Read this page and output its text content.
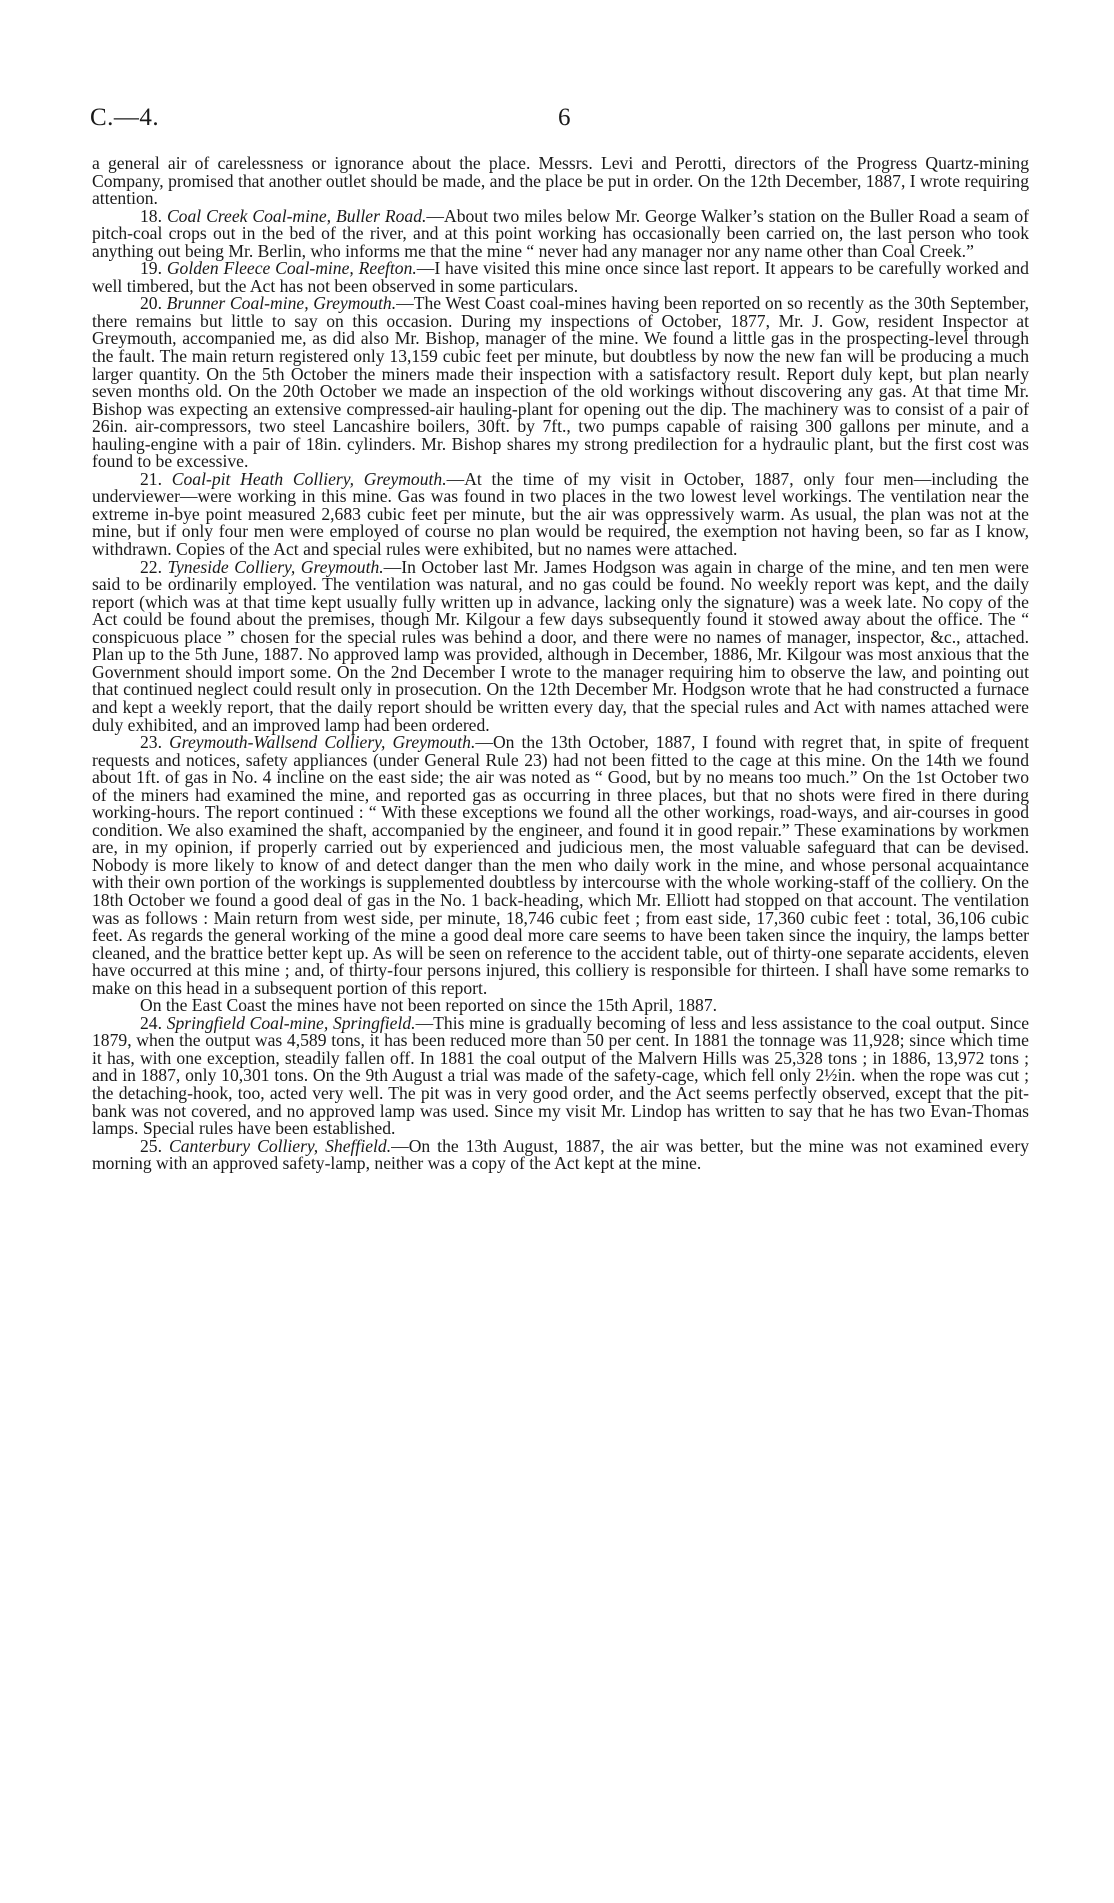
C.—4.	6

a general air of carelessness or ignorance about the place. Messrs. Levi and Perotti, directors of the Progress Quartz-mining Company, promised that another outlet should be made, and the place be put in order. On the 12th December, 1887, I wrote requiring attention.

18. Coal Creek Coal-mine, Buller Road.—About two miles below Mr. George Walker’s station on the Buller Road a seam of pitch-coal crops out in the bed of the river, and at this point working has occasionally been carried on, the last person who took anything out being Mr. Berlin, who informs me that the mine “ never had any manager nor any name other than Coal Creek.”

19. Golden Fleece Coal-mine, Reefton.—I have visited this mine once since last report. It appears to be carefully worked and well timbered, but the Act has not been observed in some particulars.

20. Brunner Coal-mine, Greymouth.—The West Coast coal-mines having been reported on so recently as the 30th September, there remains but little to say on this occasion. During my inspections of October, 1877, Mr. J. Gow, resident Inspector at Greymouth, accompanied me, as did also Mr. Bishop, manager of the mine. We found a little gas in the prospecting-level through the fault. The main return registered only 13,159 cubic feet per minute, but doubtless by now the new fan will be producing a much larger quantity. On the 5th October the miners made their inspection with a satisfactory result. Report duly kept, but plan nearly seven months old. On the 20th October we made an inspection of the old workings without discovering any gas. At that time Mr. Bishop was expecting an extensive compressed-air hauling-plant for opening out the dip. The machinery was to consist of a pair of 26in. air-compressors, two steel Lancashire boilers, 30ft. by 7ft., two pumps capable of raising 300 gallons per minute, and a hauling-engine with a pair of 18in. cylinders. Mr. Bishop shares my strong predilection for a hydraulic plant, but the first cost was found to be excessive.

21. Coal-pit Heath Colliery, Greymouth.—At the time of my visit in October, 1887, only four men—including the underviewer—were working in this mine. Gas was found in two places in the two lowest level workings. The ventilation near the extreme in-bye point measured 2,683 cubic feet per minute, but the air was oppressively warm. As usual, the plan was not at the mine, but if only four men were employed of course no plan would be required, the exemption not having been, so far as I know, withdrawn. Copies of the Act and special rules were exhibited, but no names were attached.

22. Tyneside Colliery, Greymouth.—In October last Mr. James Hodgson was again in charge of the mine, and ten men were said to be ordinarily employed. The ventilation was natural, and no gas could be found. No weekly report was kept, and the daily report (which was at that time kept usually fully written up in advance, lacking only the signature) was a week late. No copy of the Act could be found about the premises, though Mr. Kilgour a few days subsequently found it stowed away about the office. The “ conspicuous place ” chosen for the special rules was behind a door, and there were no names of manager, inspector, &c., attached. Plan up to the 5th June, 1887. No approved lamp was provided, although in December, 1886, Mr. Kilgour was most anxious that the Government should import some. On the 2nd December I wrote to the manager requiring him to observe the law, and pointing out that continued neglect could result only in prosecution. On the 12th December Mr. Hodgson wrote that he had constructed a furnace and kept a weekly report, that the daily report should be written every day, that the special rules and Act with names attached were duly exhibited, and an improved lamp had been ordered.

23. Greymouth-Wallsend Colliery, Greymouth.—On the 13th October, 1887, I found with regret that, in spite of frequent requests and notices, safety appliances (under General Rule 23) had not been fitted to the cage at this mine. On the 14th we found about 1ft. of gas in No. 4 incline on the east side; the air was noted as “ Good, but by no means too much.” On the 1st October two of the miners had examined the mine, and reported gas as occurring in three places, but that no shots were fired in there during working-hours. The report continued : “ With these exceptions we found all the other workings, road-ways, and air-courses in good condition. We also examined the shaft, accompanied by the engineer, and found it in good repair.” These examinations by workmen are, in my opinion, if properly carried out by experienced and judicious men, the most valuable safeguard that can be devised. Nobody is more likely to know of and detect danger than the men who daily work in the mine, and whose personal acquaintance with their own portion of the workings is supplemented doubtless by intercourse with the whole working-staff of the colliery. On the 18th October we found a good deal of gas in the No. 1 back-heading, which Mr. Elliott had stopped on that account. The ventilation was as follows : Main return from west side, per minute, 18,746 cubic feet ; from east side, 17,360 cubic feet : total, 36,106 cubic feet. As regards the general working of the mine a good deal more care seems to have been taken since the inquiry, the lamps better cleaned, and the brattice better kept up. As will be seen on reference to the accident table, out of thirty-one separate accidents, eleven have occurred at this mine ; and, of thirty-four persons injured, this colliery is responsible for thirteen. I shall have some remarks to make on this head in a subsequent portion of this report.

On the East Coast the mines have not been reported on since the 15th April, 1887.

24. Springfield Coal-mine, Springfield.—This mine is gradually becoming of less and less assistance to the coal output. Since 1879, when the output was 4,589 tons, it has been reduced more than 50 per cent. In 1881 the tonnage was 11,928; since which time it has, with one exception, steadily fallen off. In 1881 the coal output of the Malvern Hills was 25,328 tons ; in 1886, 13,972 tons ; and in 1887, only 10,301 tons. On the 9th August a trial was made of the safety-cage, which fell only 2½in. when the rope was cut ; the detaching-hook, too, acted very well. The pit was in very good order, and the Act seems perfectly observed, except that the pit-bank was not covered, and no approved lamp was used. Since my visit Mr. Lindop has written to say that he has two Evan-Thomas lamps. Special rules have been established.

25. Canterbury Colliery, Sheffield.—On the 13th August, 1887, the air was better, but the mine was not examined every morning with an approved safety-lamp, neither was a copy of the Act kept at the mine.
